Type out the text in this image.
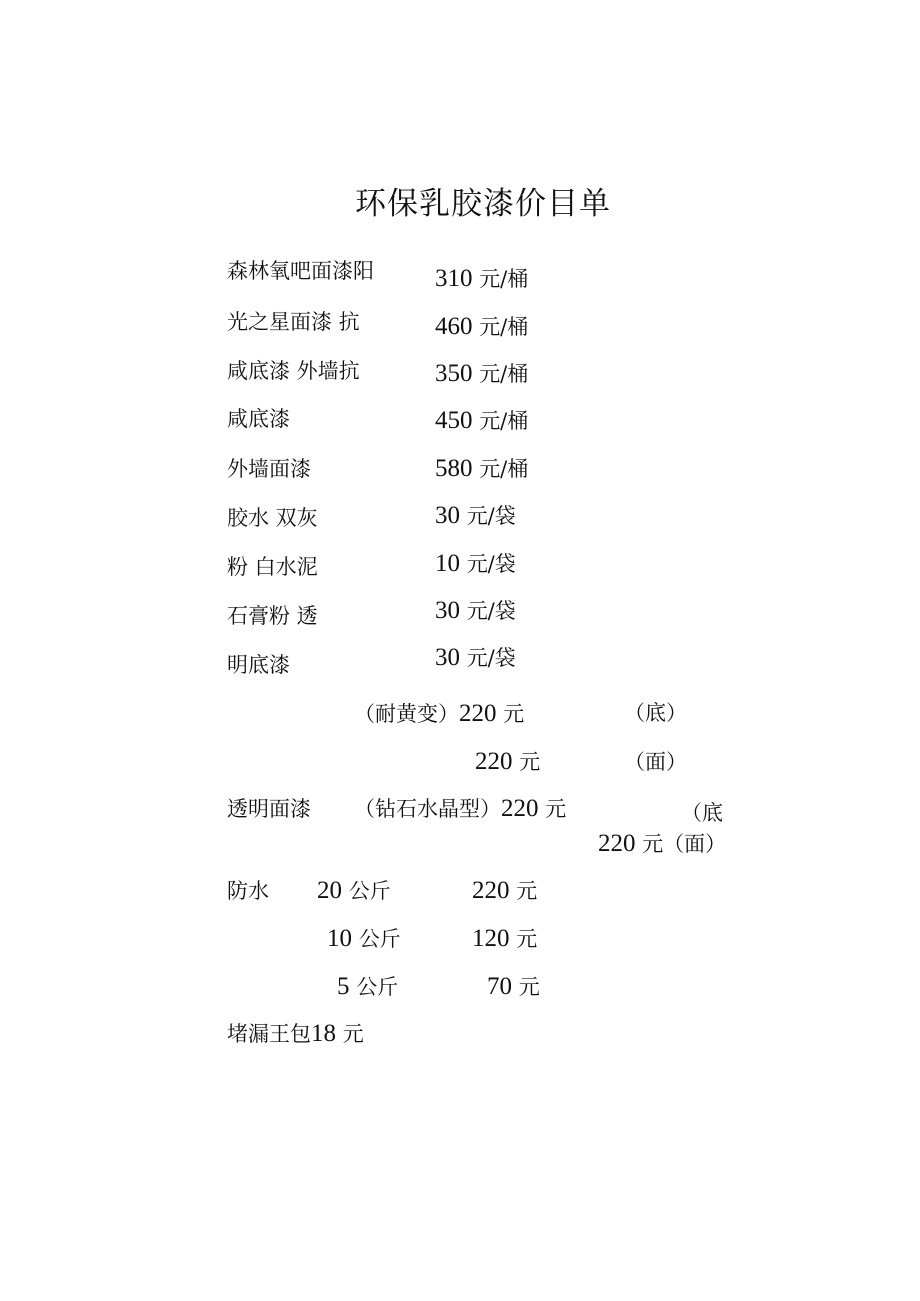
环保乳胶漆价目单
森林氧吧面漆阳 310 元/桶
光之星面漆 抗	460 元/桶
咸底漆 外墙抗	350 元/桶
咸底漆	450 元/桶
外墙面漆	580 元/桶
胶水 双灰	30 元/袋
粉 白水泥	10 元/袋
石膏粉 透	30 元/袋
明底漆	30 元/袋
（耐黄变）220 元	（底）
220 元	（面）
透明面漆 （钻石水晶型）220 元	（底
220 元（面）
防水 20 公斤	220 元
10 公斤	120 元
5 公斤	70 元
堵漏王包18 元
